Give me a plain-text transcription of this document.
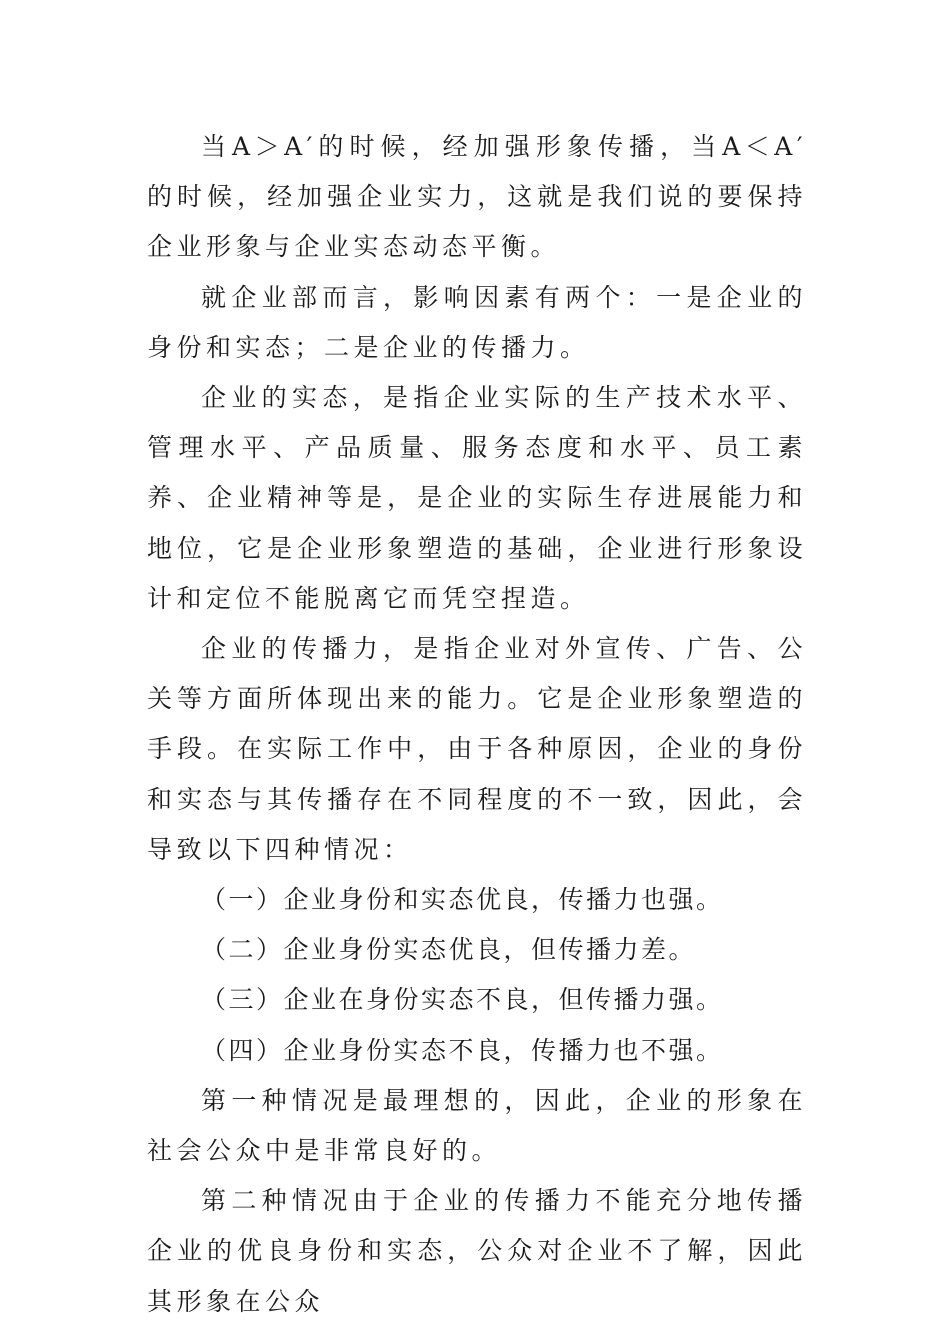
当A＞A′的时候，经加强形象传播，当A＜A′的时候，经加强企业实力，这就是我们说的要保持企业形象与企业实态动态平衡。

就企业部而言，影响因素有两个：一是企业的身份和实态；二是企业的传播力。

企业的实态，是指企业实际的生产技术水平、管理水平、产品质量、服务态度和水平、员工素养、企业精神等是，是企业的实际生存进展能力和地位，它是企业形象塑造的基础，企业进行形象设计和定位不能脱离它而凭空捏造。

企业的传播力，是指企业对外宣传、广告、公关等方面所体现出来的能力。它是企业形象塑造的手段。在实际工作中，由于各种原因，企业的身份和实态与其传播存在不同程度的不一致，因此，会导致以下四种情况：

（一）企业身份和实态优良，传播力也强。

（二）企业身份实态优良，但传播力差。

（三）企业在身份实态不良，但传播力强。

（四）企业身份实态不良，传播力也不强。

第一种情况是最理想的，因此，企业的形象在社会公众中是非常良好的。

第二种情况由于企业的传播力不能充分地传播企业的优良身份和实态，公众对企业不了解，因此其形象在公众
